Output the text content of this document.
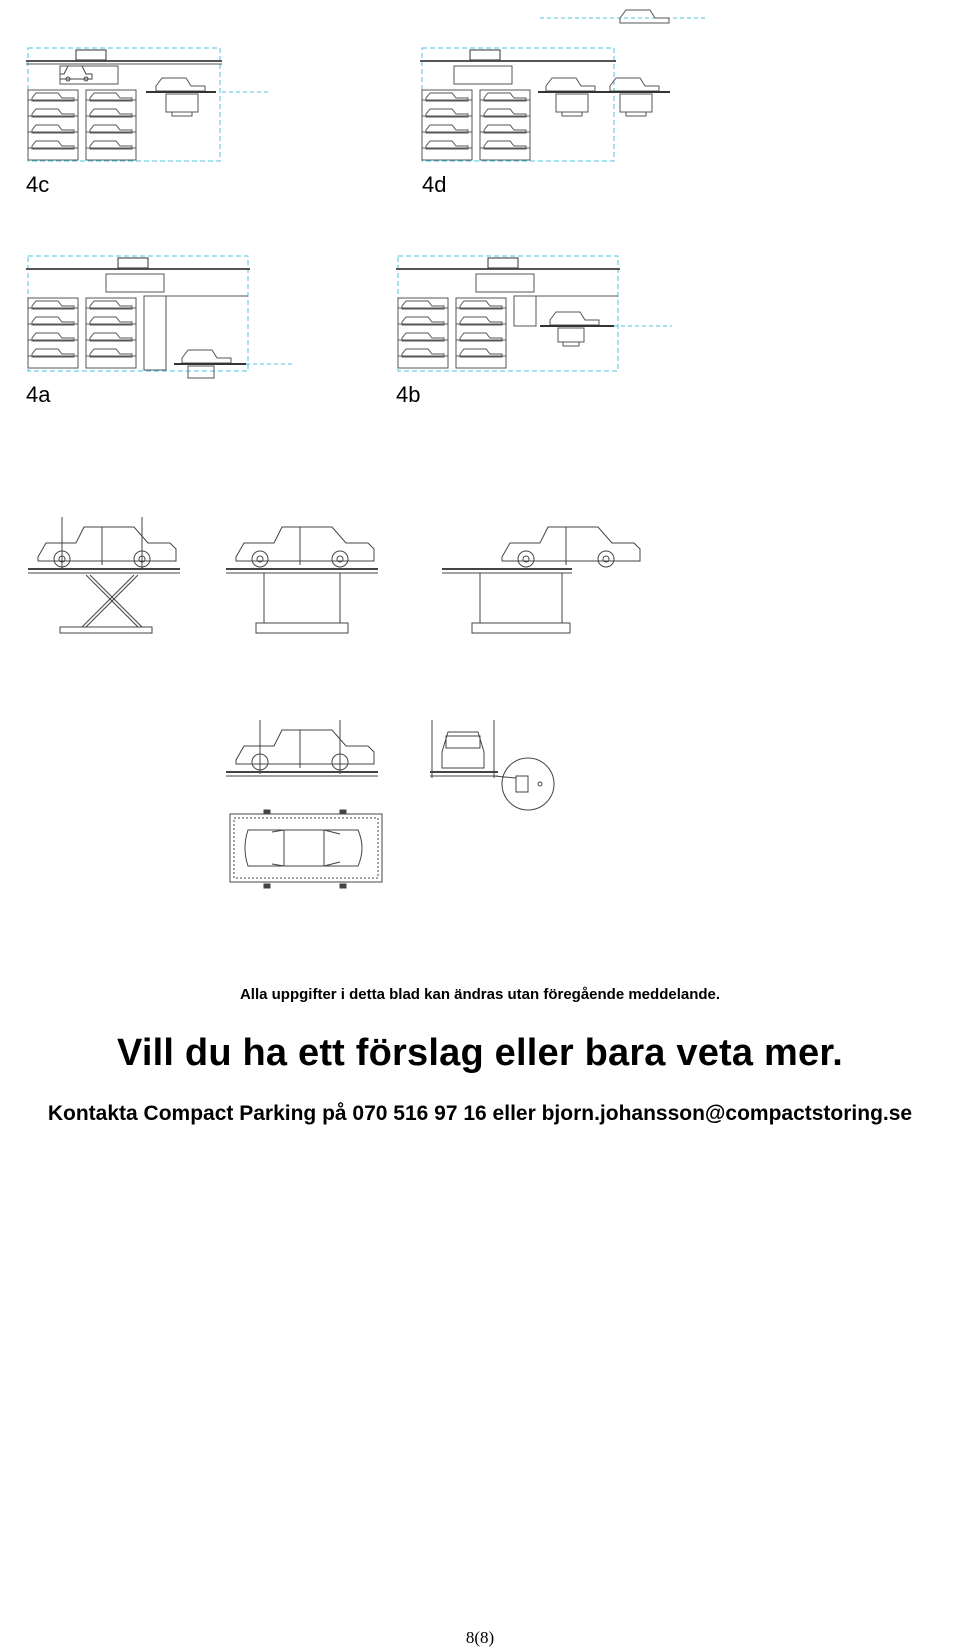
4c	4d
4a	4b
Alla uppgifter i detta blad kan ändras utan föregående meddelande.
Vill du ha ett förslag eller bara veta mer.
Kontakta Compact Parking på 070 516 97 16 eller bjorn.johansson@compactstoring.se
8(8)
